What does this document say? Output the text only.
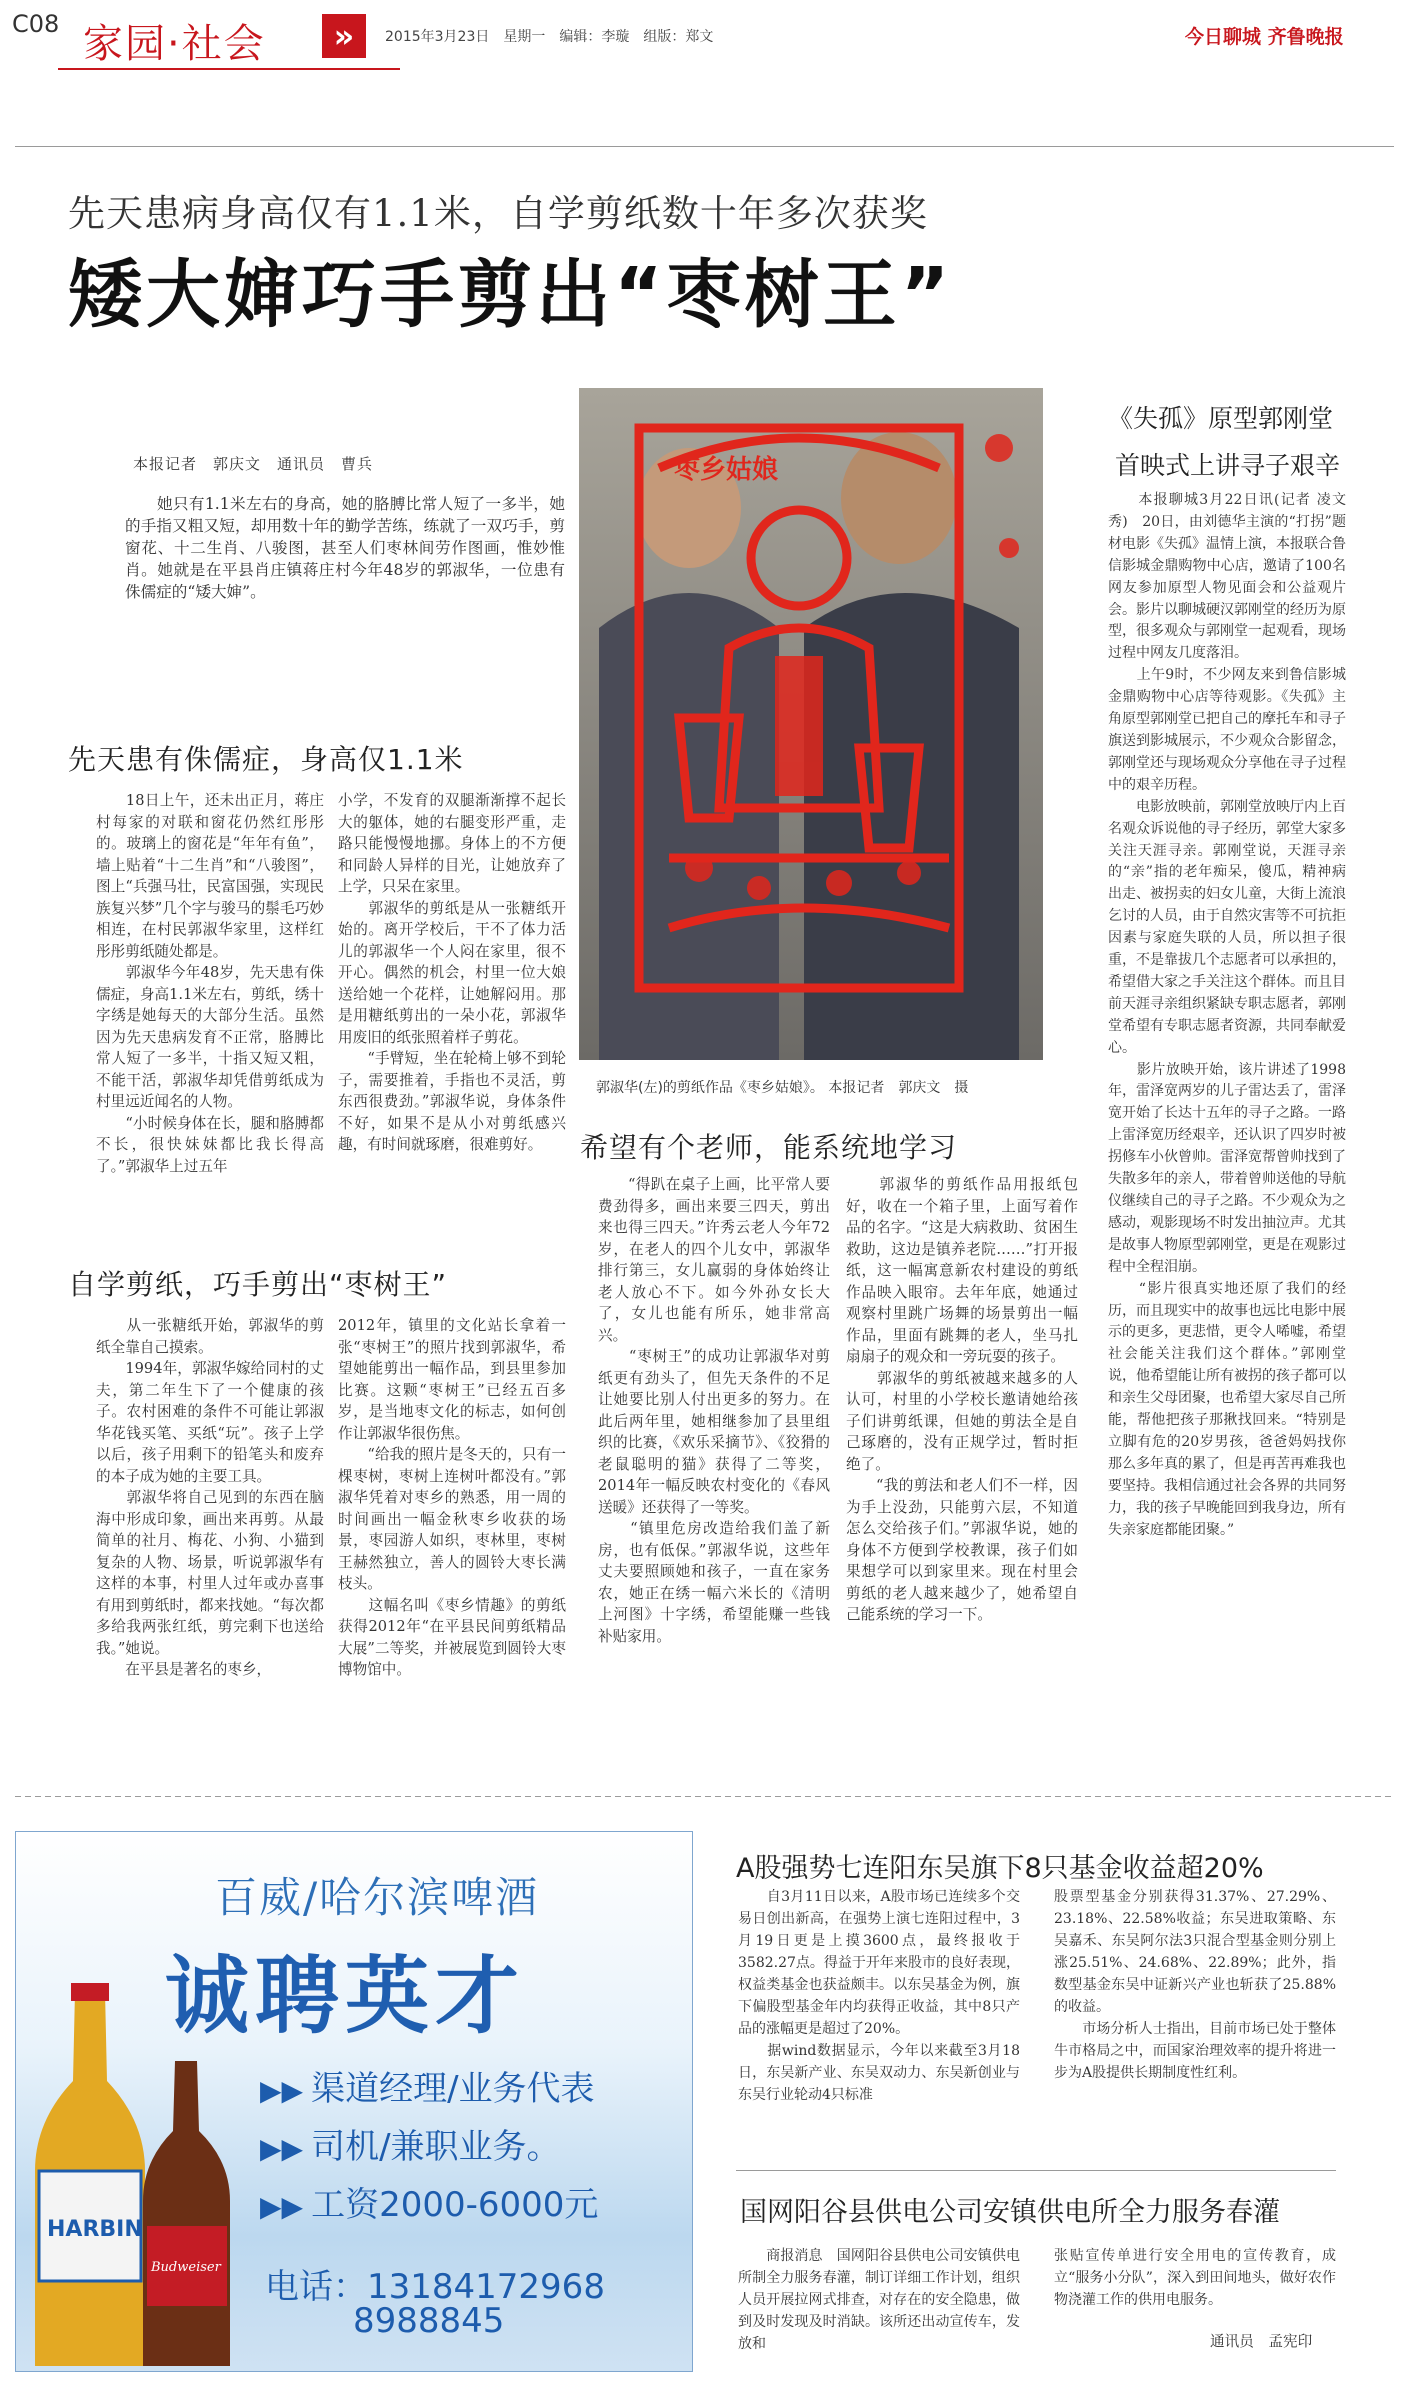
C08 家园·社会	»	2015年3月23日　星期一　编辑：李璇　组版：郑文	今日聊城 齐鲁晚报
先天患病身高仅有1.1米，自学剪纸数十年多次获奖
矮大婶巧手剪出“枣树王”
本报记者　郭庆文　通讯员　曹兵
　　她只有1.1米左右的身高，她的胳膊比常人短了一多半，她的手指又粗又短，却用数十年的勤学苦练，练就了一双巧手，剪窗花、十二生肖、八骏图，甚至人们枣林间劳作图画，惟妙惟肖。她就是在平县肖庄镇蒋庄村今年48岁的郭淑华，一位患有侏儒症的“矮大婶”。
枣乡姑娘
郭淑华(左)的剪纸作品《枣乡姑娘》。 本报记者　郭庆文　摄
先天患有侏儒症，身高仅1.1米
　　18日上午，还未出正月，蒋庄村每家的对联和窗花仍然红彤彤的。玻璃上的窗花是“年年有鱼”，墙上贴着“十二生肖”和“八骏图”，图上“兵强马壮，民富国强，实现民族复兴梦”几个字与骏马的鬃毛巧妙相连，在村民郭淑华家里，这样红彤彤剪纸随处都是。
　　郭淑华今年48岁，先天患有侏儒症，身高1.1米左右，剪纸，绣十字绣是她每天的大部分生活。虽然因为先天患病发育不正常，胳膊比常人短了一多半，十指又短又粗，不能干活，郭淑华却凭借剪纸成为村里远近闻名的人物。
　　“小时候身体在长，腿和胳膊都不长，很快妹妹都比我长得高了。”郭淑华上过五年
小学，不发育的双腿渐渐撑不起长大的躯体，她的右腿变形严重，走路只能慢慢地挪。身体上的不方便和同龄人异样的目光，让她放弃了上学，只呆在家里。
　　郭淑华的剪纸是从一张糖纸开始的。离开学校后，干不了体力活儿的郭淑华一个人闷在家里，很不开心。偶然的机会，村里一位大娘送给她一个花样，让她解闷用。那是用糖纸剪出的一朵小花，郭淑华用废旧的纸张照着样子剪花。
　　“手臂短，坐在轮椅上够不到轮子，需要推着，手指也不灵活，剪东西很费劲。”郭淑华说，身体条件不好，如果不是从小对剪纸感兴趣，有时间就琢磨，很难剪好。
自学剪纸，巧手剪出“枣树王”
　　从一张糖纸开始，郭淑华的剪纸全靠自己摸索。
　　1994年，郭淑华嫁给同村的丈夫，第二年生下了一个健康的孩子。农村困难的条件不可能让郭淑华花钱买笔、买纸“玩”。孩子上学以后，孩子用剩下的铅笔头和废弃的本子成为她的主要工具。
　　郭淑华将自己见到的东西在脑海中形成印象，画出来再剪。从最简单的社月、梅花、小狗、小猫到复杂的人物、场景，听说郭淑华有这样的本事，村里人过年或办喜事有用到剪纸时，都来找她。“每次都多给我两张红纸，剪完剩下也送给我。”她说。
　　在平县是著名的枣乡，
2012年，镇里的文化站长拿着一张“枣树王”的照片找到郭淑华，希望她能剪出一幅作品，到县里参加比赛。这颗“枣树王”已经五百多岁，是当地枣文化的标志，如何创作让郭淑华很伤焦。
　　“给我的照片是冬天的，只有一棵枣树，枣树上连树叶都没有。”郭淑华凭着对枣乡的熟悉，用一周的时间画出一幅金秋枣乡收获的场景，枣园游人如织，枣林里，枣树王赫然独立，善人的圆铃大枣长满枝头。
　　这幅名叫《枣乡情趣》的剪纸获得2012年“在平县民间剪纸精品大展”二等奖，并被展览到圆铃大枣博物馆中。
希望有个老师，能系统地学习
　　“得趴在桌子上画，比平常人要费劲得多，画出来要三四天，剪出来也得三四天。”许秀云老人今年72岁，在老人的四个儿女中，郭淑华排行第三，女儿赢弱的身体始终让老人放心不下。如今外孙女长大了，女儿也能有所乐，她非常高兴。
　　“枣树王”的成功让郭淑华对剪纸更有劲头了，但先天条件的不足让她要比别人付出更多的努力。在此后两年里，她相继参加了县里组织的比赛，《欢乐采摘节》、《狡猾的老鼠聪明的猫》获得了二等奖，2014年一幅反映农村变化的《春风送暖》还获得了一等奖。
　　“镇里危房改造给我们盖了新房，也有低保。”郭淑华说，这些年丈夫要照顾她和孩子，一直在家务农，她正在绣一幅六米长的《清明上河图》十字绣，希望能赚一些钱补贴家用。
　　郭淑华的剪纸作品用报纸包好，收在一个箱子里，上面写着作品的名字。“这是大病救助、贫困生救助，这边是镇养老院……”打开报纸，这一幅寓意新农村建设的剪纸作品映入眼帘。去年年底，她通过观察村里跳广场舞的场景剪出一幅作品，里面有跳舞的老人，坐马扎扇扇子的观众和一旁玩耍的孩子。
　　郭淑华的剪纸被越来越多的人认可，村里的小学校长邀请她给孩子们讲剪纸课，但她的剪法全是自己琢磨的，没有正规学过，暂时拒绝了。
　　“我的剪法和老人们不一样，因为手上没劲，只能剪六层，不知道怎么交给孩子们。”郭淑华说，她的身体不方便到学校教课，孩子们如果想学可以到家里来。现在村里会剪纸的老人越来越少了，她希望自己能系统的学习一下。
《失孤》原型郭刚堂
首映式上讲寻子艰辛
　　本报聊城3月22日讯(记者 凌文秀)　20日，由刘德华主演的“打拐”题材电影《失孤》温情上演，本报联合鲁信影城金鼎购物中心店，邀请了100名网友参加原型人物见面会和公益观片会。影片以聊城硬汉郭刚堂的经历为原型，很多观众与郭刚堂一起观看，现场过程中网友几度落泪。
　　上午9时，不少网友来到鲁信影城金鼎购物中心店等待观影。《失孤》主角原型郭刚堂已把自己的摩托车和寻子旗送到影城展示，不少观众合影留念，郭刚堂还与现场观众分享他在寻子过程中的艰辛历程。
　　电影放映前，郭刚堂放映厅内上百名观众诉说他的寻子经历，郭堂大家多关注天涯寻亲。郭刚堂说，天涯寻亲的“亲”指的老年痴呆，傻瓜，精神病出走、被拐卖的妇女儿童，大街上流浪乞讨的人员，由于自然灾害等不可抗拒因素与家庭失联的人员，所以担子很重，不是靠拔几个志愿者可以承担的，希望借大家之手关注这个群体。而且目前天涯寻亲组织紧缺专职志愿者，郭刚堂希望有专职志愿者资源，共同奉献爱心。
　　影片放映开始，该片讲述了1998年，雷泽宽两岁的儿子雷达丢了，雷泽宽开始了长达十五年的寻子之路。一路上雷泽宽历经艰辛，还认识了四岁时被拐修车小伙曾帅。雷泽宽帮曾帅找到了失散多年的亲人，带着曾帅送他的导航仪继续自己的寻子之路。不少观众为之感动，观影现场不时发出抽泣声。尤其是故事人物原型郭刚堂，更是在观影过程中全程泪崩。
　　“影片很真实地还原了我们的经历，而且现实中的故事也远比电影中展示的更多，更悲惜，更令人唏嘘，希望社会能关注我们这个群体。”郭刚堂说，他希望能让所有被拐的孩子都可以和亲生父母团聚，也希望大家尽自己所能，帮他把孩子那揪找回来。“特别是立脚有危的20岁男孩，爸爸妈妈找你那么多年真的累了，但是再苦再难我也要坚持。我相信通过社会各界的共同努力，我的孩子早晚能回到我身边，所有失亲家庭都能团聚。”
百威/哈尔滨啤酒
诚聘英才
▶▶ 渠道经理/业务代表
▶▶ 司机/兼职业务。
▶▶ 工资2000-6000元
电话：13184172968
8988845
HARBIN
Budweiser
A股强势七连阳东吴旗下8只基金收益超20%
　　自3月11日以来，A股市场已连续多个交易日创出新高，在强势上演七连阳过程中，3月19日更是上摸3600点，最终报收于3582.27点。得益于开年来股市的良好表现，权益类基金也获益颇丰。以东吴基金为例，旗下偏股型基金年内均获得正收益，其中8只产品的涨幅更是超过了20%。
　　据wind数据显示，今年以来截至3月18日，东吴新产业、东吴双动力、东吴新创业与东吴行业轮动4只标准
股票型基金分别获得31.37%、27.29%、23.18%、22.58%收益；东吴进取策略、东吴嘉禾、东吴阿尔法3只混合型基金则分别上涨25.51%、24.68%、22.89%；此外，指数型基金东吴中证新兴产业也斩获了25.88%的收益。
　　市场分析人士指出，目前市场已处于整体牛市格局之中，而国家治理效率的提升将进一步为A股提供长期制度性红利。
国网阳谷县供电公司安镇供电所全力服务春灌
　　商报消息　国网阳谷县供电公司安镇供电所制全力服务春灌，制订详细工作计划，组织人员开展拉网式排查，对存在的安全隐患，做到及时发现及时消缺。该所还出动宣传车，发放和
张贴宣传单进行安全用电的宣传教育，成立“服务小分队”，深入到田间地头，做好农作物浇灌工作的供用电服务。
通讯员　孟宪印
